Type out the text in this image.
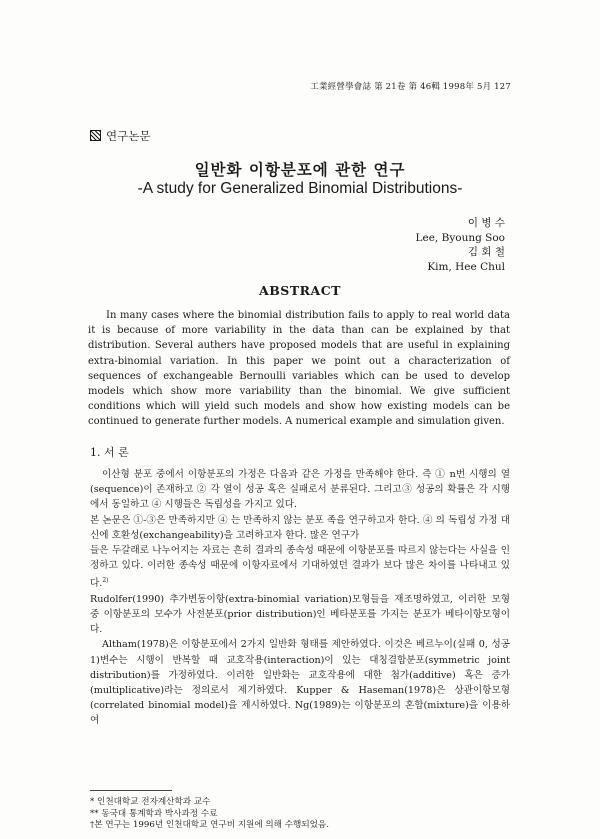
工業經營學會誌 第 21卷 第 46輯 1998年 5月 127
연구논문
일반화 이항분포에 관한 연구
-A study for Generalized Binomial Distributions-
이 병 수
Lee, Byoung Soo
김 회 철
Kim, Hee Chul
ABSTRACT

In many cases where the binomial distribution fails to apply to real world data it is because of more variability in the data than can be explained by that distribution. Several authers have proposed models that are useful in explaining extra-binomial variation. In this paper we point out a characterization of sequences of exchangeable Bernoulli variables which can be used to develop models which show more variability than the binomial. We give sufficient conditions which will yield such models and show how existing models can be continued to generate further models. A numerical example and simulation given.

1. 서 론

이산형 분포 중에서 이항분포의 가정은 다음과 같은 가정을 만족해야 한다. 즉 ① n번 시행의 열(sequence)이 존재하고 ② 각 열이 성공 혹은 실패로서 분류된다. 그리고③ 성공의 확률은 각 시행에서 동일하고 ④ 시행들은 독립성을 가지고 있다.

본 논문은 ①-③은 만족하지만 ④ 는 만족하지 않는 분포 족을 연구하고자 한다. ④ 의 독립성 가정 대신에 호환성(exchangeability)을 고려하고자 한다. 많은 연구가

들은 두갈래로 나누어지는 자료는 흔히 결과의 종속성 때문에 이항분포를 따르지 않는다는 사실을 인정하고 있다. 이러한 종속성 때문에 이항자료에서 기대하였던 결과가 보다 많은 차이를 나타내고 있다.$^{2)}$

Rudolfer(1990) 추가변동이항(extra-binomial variation)모형들을 재조명하였고, 이러한 모형 중 이항분포의 모수가 사전분포(prior distribution)인 베타분포를 가지는 분포가 베타이항모형이다.

Altham(1978)은 이항분포에서 2가지 일반화 형태를 제안하였다. 이것은 베르누이(실패 0, 성공 1)변수는 시행이 반복할 때 교호작용(interaction)이 있는 대칭결합분포(symmetric joint distribution)를 가정하였다. 이러한 일반화는 교호작용에 대한 첨가(additive) 혹은 증가(multiplicative)라는 정의로서 제기하였다. Kupper & Haseman(1978)은 상관이항모형(correlated binomial model)을 제시하였다. Ng(1989)는 이항분포의 혼합(mixture)을 이용하여

* 인천대학교 전자계산학과 교수
** 동국대 통계학과 박사과정 수료
†본 연구는 1996년 인천대학교 연구비 지원에 의해 수행되었음.
